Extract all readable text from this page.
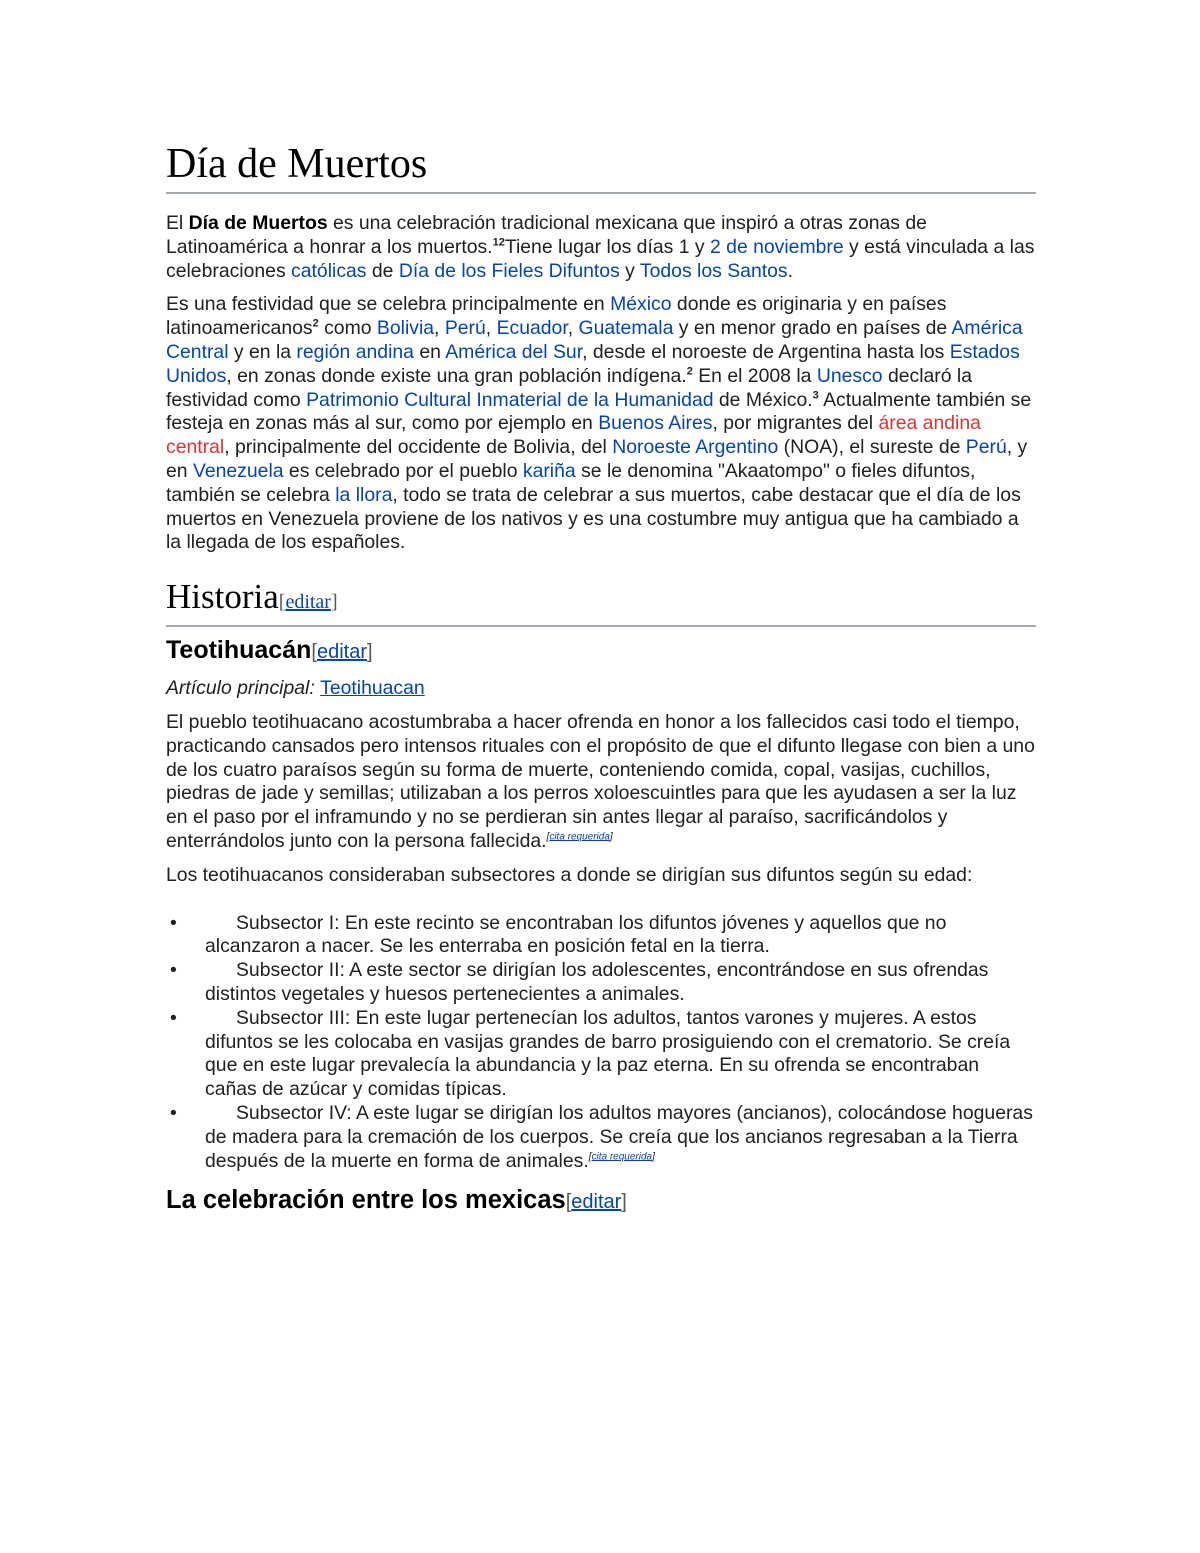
Día de Muertos

El Día de Muertos es una celebración tradicional mexicana que inspiró a otras zonas de Latinoamérica a honrar a los muertos.$^{12}$Tiene lugar los días 1 y 2 de noviembre y está vinculada a las celebraciones católicas de Día de los Fieles Difuntos y Todos los Santos.

Es una festividad que se celebra principalmente en México donde es originaria y en países latinoamericanos$^2$ como Bolivia, Perú, Ecuador, Guatemala y en menor grado en países de América Central y en la región andina en América del Sur, desde el noroeste de Argentina hasta los Estados Unidos, en zonas donde existe una gran población indígena.$^2$ En el 2008 la Unesco declaró la festividad como Patrimonio Cultural Inmaterial de la Humanidad de México.$^3$ Actualmente también se festeja en zonas más al sur, como por ejemplo en Buenos Aires, por migrantes del área andina central, principalmente del occidente de Bolivia, del Noroeste Argentino (NOA), el sureste de Perú, y en Venezuela es celebrado por el pueblo kariña se le denomina "Akaatompo" o fieles difuntos, también se celebra la llora, todo se trata de celebrar a sus muertos, cabe destacar que el día de los muertos en Venezuela proviene de los nativos y es una costumbre muy antigua que ha cambiado a la llegada de los españoles.

Historia[editar]
Teotihuacán[editar]
Artículo principal: Teotihuacan

El pueblo teotihuacano acostumbraba a hacer ofrenda en honor a los fallecidos casi todo el tiempo, practicando cansados pero intensos rituales con el propósito de que el difunto llegase con bien a uno de los cuatro paraísos según su forma de muerte, conteniendo comida, copal, vasijas, cuchillos, piedras de jade y semillas; utilizaban a los perros xoloescuintles para que les ayudasen a ser la luz en el paso por el inframundo y no se perdieran sin antes llegar al paraíso, sacrificándolos y enterrándolos junto con la persona fallecida.[cita requerida]

Los teotihuacanos consideraban subsectores a donde se dirigían sus difuntos según su edad:

•	Subsector I: En este recinto se encontraban los difuntos jóvenes y aquellos que no alcanzaron a nacer. Se les enterraba en posición fetal en la tierra.
•	Subsector II: A este sector se dirigían los adolescentes, encontrándose en sus ofrendas distintos vegetales y huesos pertenecientes a animales.
•	Subsector III: En este lugar pertenecían los adultos, tantos varones y mujeres. A estos difuntos se les colocaba en vasijas grandes de barro prosiguiendo con el crematorio. Se creía que en este lugar prevalecía la abundancia y la paz eterna. En su ofrenda se encontraban cañas de azúcar y comidas típicas.
•	Subsector IV: A este lugar se dirigían los adultos mayores (ancianos), colocándose hogueras de madera para la cremación de los cuerpos. Se creía que los ancianos regresaban a la Tierra después de la muerte en forma de animales.[cita requerida]
La celebración entre los mexicas[editar]
